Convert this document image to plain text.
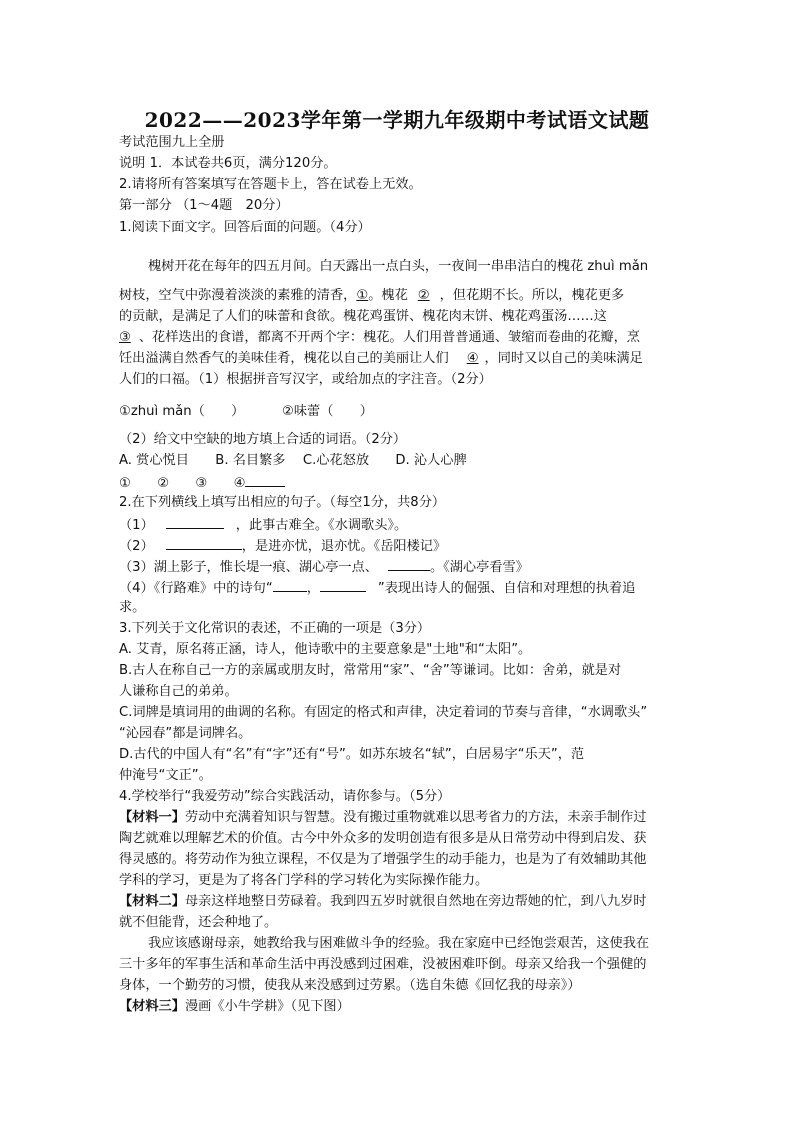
2022——2023学年第一学期九年级期中考试语文试题
考试范围九上全册
说明 1．本试卷共6页，满分120分。
2.请将所有答案填写在答题卡上，答在试卷上无效。
第一部分 （1～4题　20分）
1.阅读下面文字。回答后面的问题。（4分）
槐树开花在每年的四五月间。白天露出一点白头，一夜间一串串洁白的槐花 zhuì mǎn
树枝，空气中弥漫着淡淡的素雅的清香，①。槐花 ② ，但花期不长。所以，槐花更多
的贡献，是满足了人们的味蕾和食欲。槐花鸡蛋饼、槐花肉末饼、槐花鸡蛋汤……这
③ 、花样迭出的食谱，都离不开两个字：槐花。人们用普普通通、皱缩而卷曲的花瓣，烹
饪出溢满自然香气的美味佳肴，槐花以自己的美丽让人们 ④ ，同时又以自己的美味满足
人们的口福。（1）根据拼音写汉字，或给加点的字注音。（2分）
①zhuì mǎn（　　）	②味蕾（　　）
（2）给文中空缺的地方填上合适的词语。（2分）
A. 赏心悦目　　B. 名目繁多　 C.心花怒放　　D. 沁人心脾
①　　②　　③　　④
2.在下列横线上填写出相应的句子。（每空1分，共8分）
（1）	，此事古难全。《水调歌头》。
（2）	，是进亦忧，退亦忧。《岳阳楼记》
（3）湖上影子，惟长堤一痕、湖心亭一点、	。《湖心亭看雪》
（4）《行路难》中的诗句“	，	”表现出诗人的倔强、自信和对理想的执着追
求。
3.下列关于文化常识的表述，不正确的一项是（3分）
A. 艾青，原名蒋正涵，诗人，他诗歌中的主要意象是"土地"和“太阳”。
B.古人在称自己一方的亲属或朋友时，常常用“家”、“舍”等谦词。比如：舍弟，就是对
人谦称自己的弟弟。
C.词牌是填词用的曲调的名称。有固定的格式和声律，决定着词的节奏与音律，“水调歌头”
“沁园春”都是词牌名。
D.古代的中国人有“名”有“字”还有“号”。如苏东坡名“轼”，白居易字“乐天”，范
仲淹号“文正”。
4.学校举行“我爱劳动”综合实践活动，请你参与。（5分）
【材料一】劳动中充满着知识与智慧。没有搬过重物就难以思考省力的方法，未亲手制作过
陶艺就难以理解艺术的价值。古今中外众多的发明创造有很多是从日常劳动中得到启发、获
得灵感的。将劳动作为独立课程，不仅是为了增强学生的动手能力，也是为了有效辅助其他
学科的学习，更是为了将各门学科的学习转化为实际操作能力。
【材料二】母亲这样地整日劳碌着。我到四五岁时就很自然地在旁边帮她的忙，到八九岁时
就不但能背，还会种地了。
我应该感谢母亲，她教给我与困难做斗争的经验。我在家庭中已经饱尝艰苦，这使我在
三十多年的军事生活和革命生活中再没感到过困难，没被困难吓倒。母亲又给我一个强健的
身体，一个勤劳的习惯，使我从来没感到过劳累。（选自朱德《回忆我的母亲》）
【材料三】漫画《小牛学耕》（见下图）
